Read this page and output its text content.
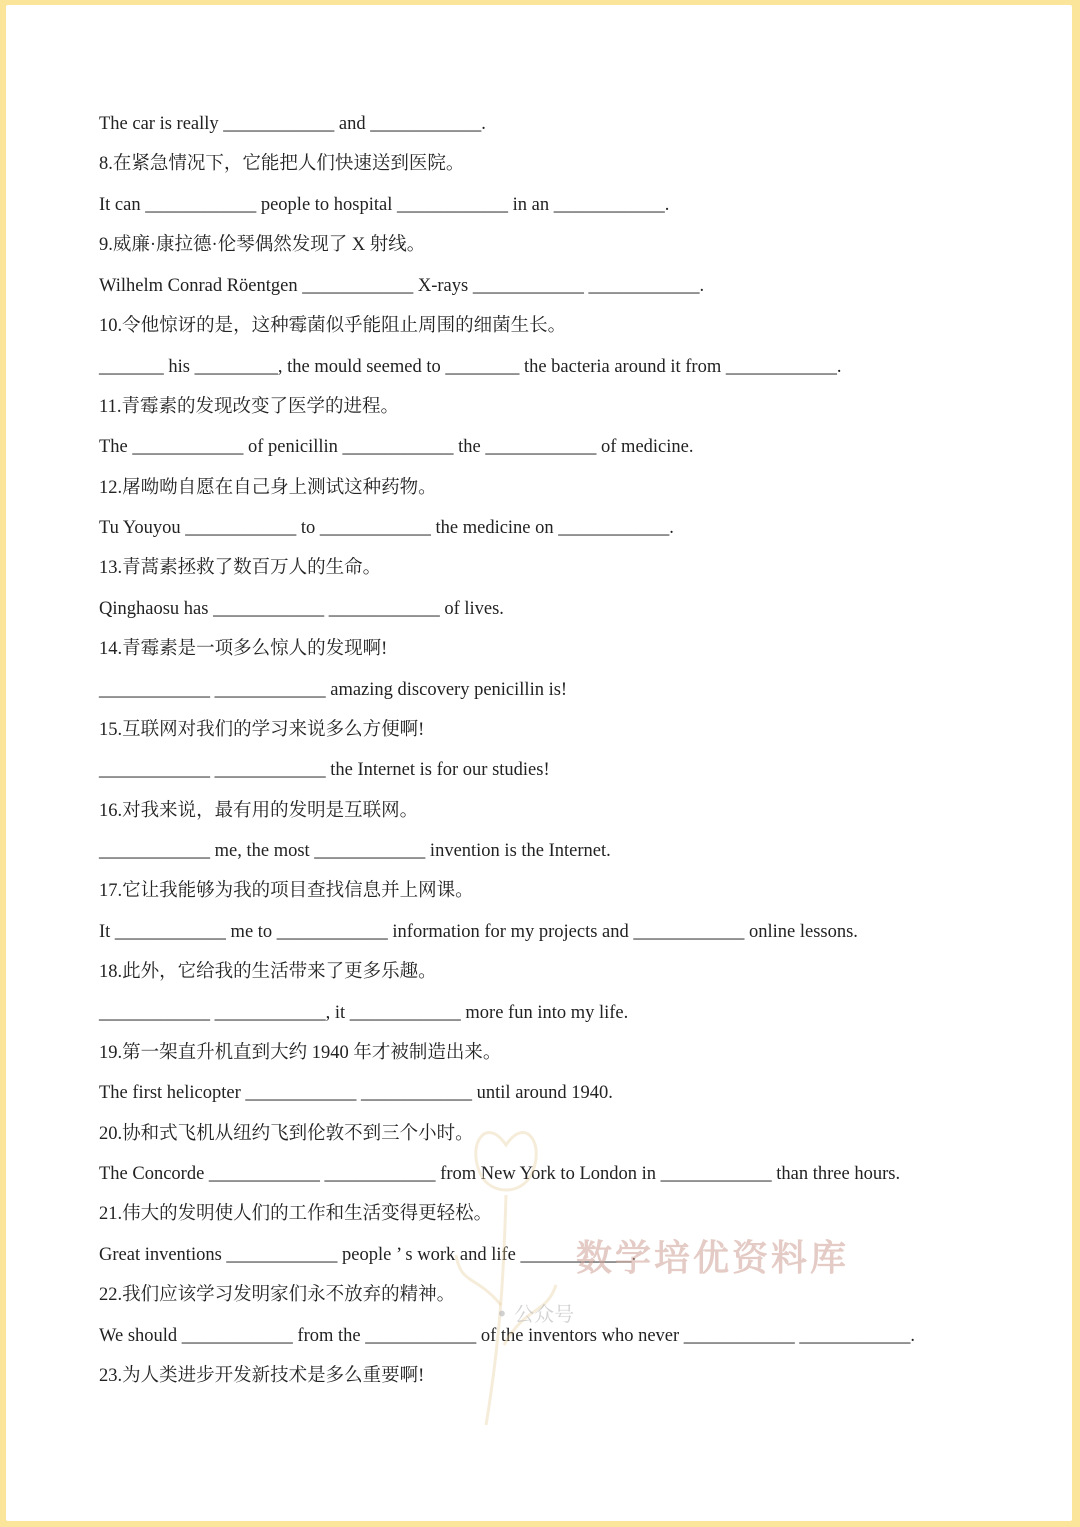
The car is really ____________ and ____________.
8.在紧急情况下，它能把人们快速送到医院。
It can ____________ people to hospital ____________ in an ____________.
9.威廉·康拉德·伦琴偶然发现了 X 射线。
Wilhelm Conrad Röentgen ____________ X-rays ____________ ____________.
10.令他惊讶的是，这种霉菌似乎能阻止周围的细菌生长。
_______ his _________, the mould seemed to ________ the bacteria around it from ____________.
11.青霉素的发现改变了医学的进程。
The ____________ of penicillin ____________ the ____________ of medicine.
12.屠呦呦自愿在自己身上测试这种药物。
Tu Youyou ____________ to ____________ the medicine on ____________.
13.青蒿素拯救了数百万人的生命。
Qinghaosu has ____________ ____________ of lives.
14.青霉素是一项多么惊人的发现啊!
____________ ____________ amazing discovery penicillin is!
15.互联网对我们的学习来说多么方便啊!
____________ ____________ the Internet is for our studies!
16.对我来说，最有用的发明是互联网。
____________ me, the most ____________ invention is the Internet.
17.它让我能够为我的项目查找信息并上网课。
It ____________ me to ____________ information for my projects and ____________ online lessons.
18.此外，它给我的生活带来了更多乐趣。
____________ ____________, it ____________ more fun into my life.
19.第一架直升机直到大约 1940 年才被制造出来。
The first helicopter ____________ ____________ until around 1940.
20.协和式飞机从纽约飞到伦敦不到三个小时。
The Concorde ____________ ____________ from New York to London in ____________ than three hours.
21.伟大的发明使人们的工作和生活变得更轻松。
Great inventions ____________ people ’ s work and life ____________.
22.我们应该学习发明家们永不放弃的精神。
We should ____________ from the ____________ of the inventors who never ____________ ____________.
23.为人类进步开发新技术是多么重要啊!
数学培优资料库
• 公众号
